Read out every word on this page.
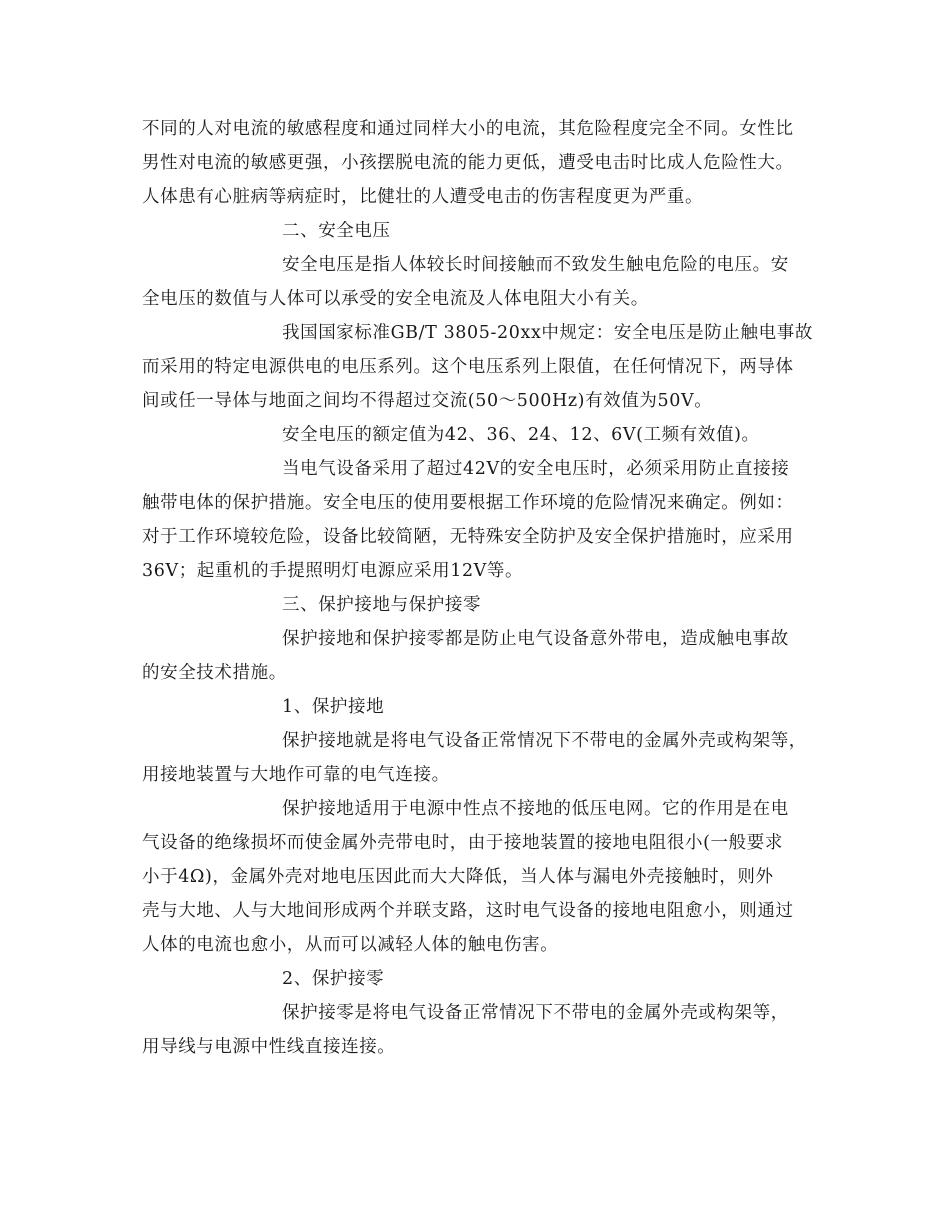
不同的人对电流的敏感程度和通过同样大小的电流，其危险程度完全不同。女性比
男性对电流的敏感更强，小孩摆脱电流的能力更低，遭受电击时比成人危险性大。
人体患有心脏病等病症时，比健壮的人遭受电击的伤害程度更为严重。
二、安全电压
安全电压是指人体较长时间接触而不致发生触电危险的电压。安
全电压的数值与人体可以承受的安全电流及人体电阻大小有关。
我国国家标准GB/T 3805-20xx中规定：安全电压是防止触电事故
而采用的特定电源供电的电压系列。这个电压系列上限值，在任何情况下，两导体
间或任一导体与地面之间均不得超过交流(50～500Hz)有效值为50V。
安全电压的额定值为42、36、24、12、6V(工频有效值)。
当电气设备采用了超过42V的安全电压时，必须采用防止直接接
触带电体的保护措施。安全电压的使用要根据工作环境的危险情况来确定。例如：
对于工作环境较危险，设备比较简陋，无特殊安全防护及安全保护措施时，应采用
36V；起重机的手提照明灯电源应采用12V等。
三、保护接地与保护接零
保护接地和保护接零都是防止电气设备意外带电，造成触电事故
的安全技术措施。
1、保护接地
保护接地就是将电气设备正常情况下不带电的金属外壳或构架等，
用接地装置与大地作可靠的电气连接。
保护接地适用于电源中性点不接地的低压电网。它的作用是在电
气设备的绝缘损坏而使金属外壳带电时，由于接地装置的接地电阻很小(一般要求
小于4Ω)，金属外壳对地电压因此而大大降低，当人体与漏电外壳接触时，则外
壳与大地、人与大地间形成两个并联支路，这时电气设备的接地电阻愈小，则通过
人体的电流也愈小，从而可以减轻人体的触电伤害。
2、保护接零
保护接零是将电气设备正常情况下不带电的金属外壳或构架等，
用导线与电源中性线直接连接。
